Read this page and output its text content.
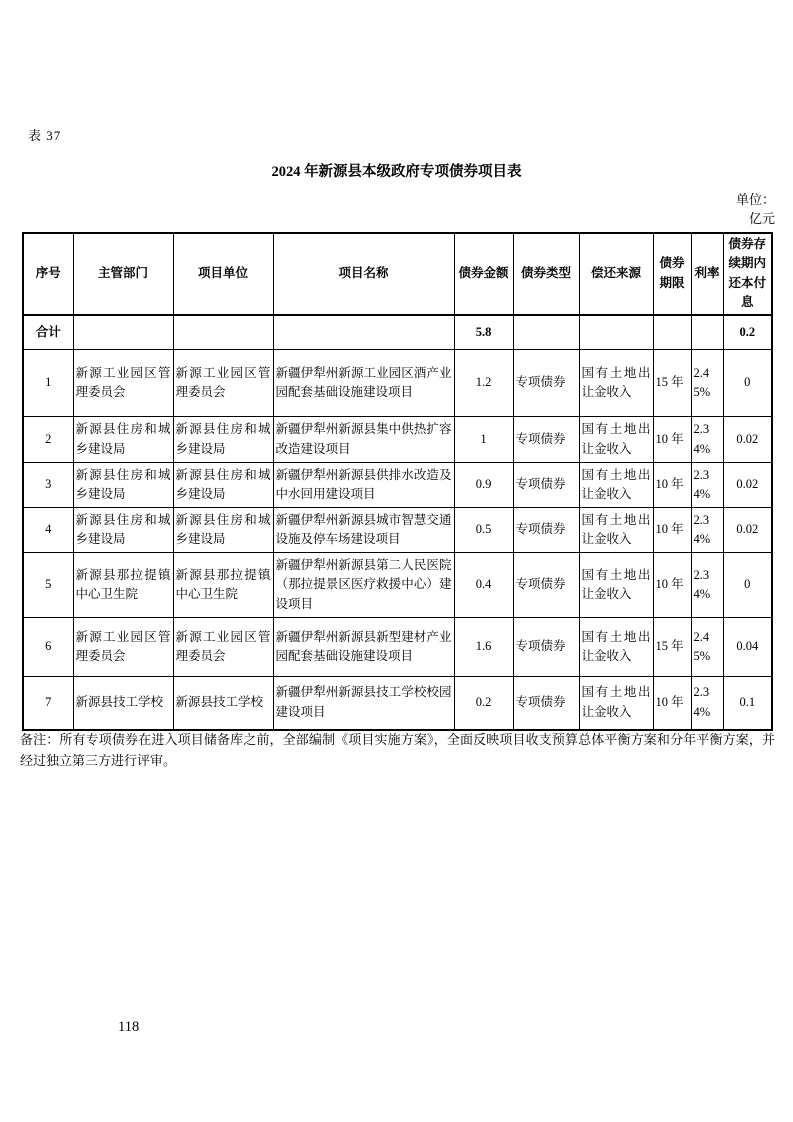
表 37
2024 年新源县本级政府专项债券项目表
单位：
亿元
序号	主管部门	项目单位	项目名称	债券金额	债券类型	偿还来源	债券期限	利率	债券存续期内还本付息
合计				5.8					0.2
1	新源工业园区管理委员会	新源工业园区管理委员会	新疆伊犁州新源工业园区酒产业园配套基础设施建设项目	1.2	专项债券	国有土地出让金收入	15 年	2.45%	0
2	新源县住房和城乡建设局	新源县住房和城乡建设局	新疆伊犁州新源县集中供热扩容改造建设项目	1	专项债券	国有土地出让金收入	10 年	2.34%	0.02
3	新源县住房和城乡建设局	新源县住房和城乡建设局	新疆伊犁州新源县供排水改造及中水回用建设项目	0.9	专项债券	国有土地出让金收入	10 年	2.34%	0.02
4	新源县住房和城乡建设局	新源县住房和城乡建设局	新疆伊犁州新源县城市智慧交通设施及停车场建设项目	0.5	专项债券	国有土地出让金收入	10 年	2.34%	0.02
5	新源县那拉提镇中心卫生院	新源县那拉提镇中心卫生院	新疆伊犁州新源县第二人民医院（那拉提景区医疗救援中心）建设项目	0.4	专项债券	国有土地出让金收入	10 年	2.34%	0
6	新源工业园区管理委员会	新源工业园区管理委员会	新疆伊犁州新源县新型建材产业园配套基础设施建设项目	1.6	专项债券	国有土地出让金收入	15 年	2.45%	0.04
7	新源县技工学校	新源县技工学校	新疆伊犁州新源县技工学校校园建设项目	0.2	专项债券	国有土地出让金收入	10 年	2.34%	0.1
备注：所有专项债券在进入项目储备库之前，全部编制《项目实施方案》，全面反映项目收支预算总体平衡方案和分年平衡方案，并经过独立第三方进行评审。
118
